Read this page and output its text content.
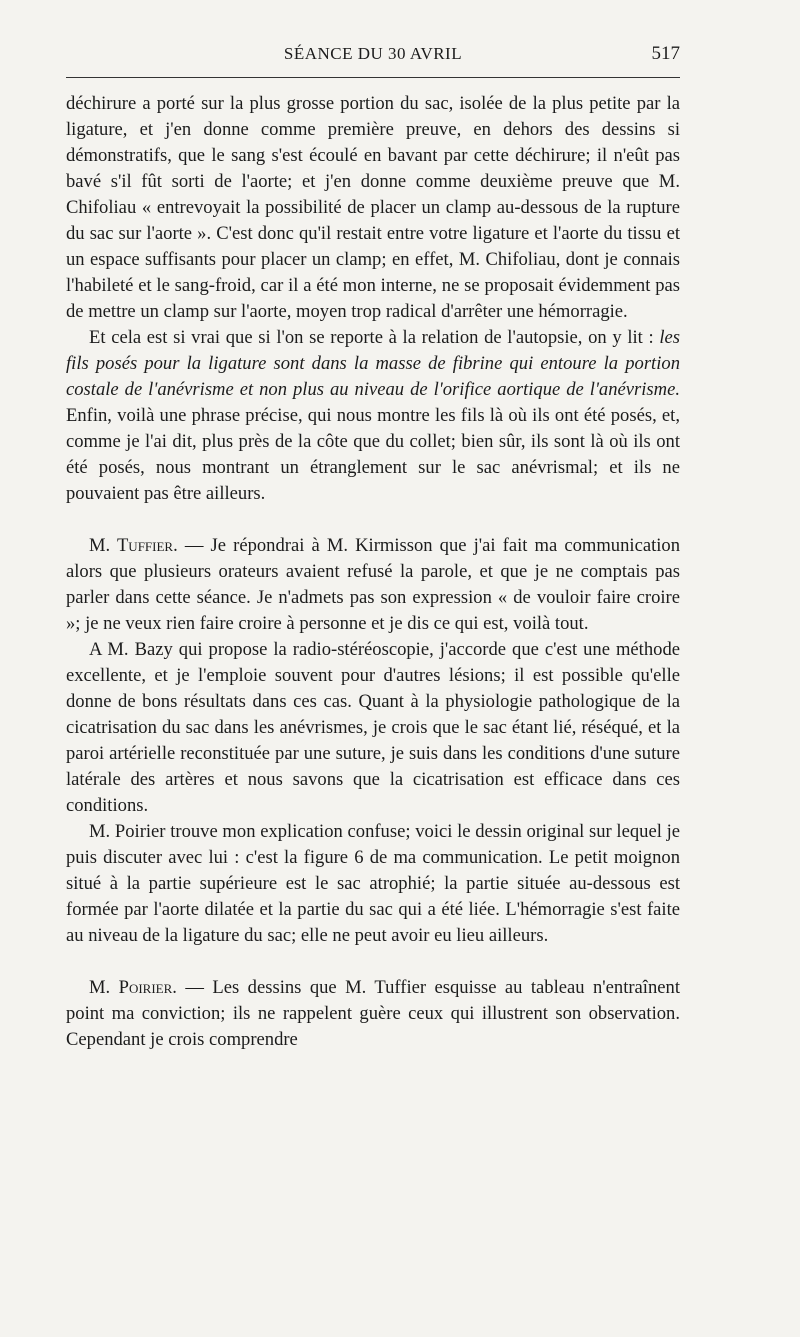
SÉANCE DU 30 AVRIL	517

déchirure a porté sur la plus grosse portion du sac, isolée de la plus petite par la ligature, et j'en donne comme première preuve, en dehors des dessins si démonstratifs, que le sang s'est écoulé en bavant par cette déchirure; il n'eût pas bavé s'il fût sorti de l'aorte; et j'en donne comme deuxième preuve que M. Chifoliau « entrevoyait la possibilité de placer un clamp au-dessous de la rupture du sac sur l'aorte ». C'est donc qu'il restait entre votre ligature et l'aorte du tissu et un espace suffisants pour placer un clamp; en effet, M. Chifoliau, dont je connais l'habileté et le sang-froid, car il a été mon interne, ne se proposait évidemment pas de mettre un clamp sur l'aorte, moyen trop radical d'arrêter une hémorragie.

Et cela est si vrai que si l'on se reporte à la relation de l'autopsie, on y lit : les fils posés pour la ligature sont dans la masse de fibrine qui entoure la portion costale de l'anévrisme et non plus au niveau de l'orifice aortique de l'anévrisme. Enfin, voilà une phrase précise, qui nous montre les fils là où ils ont été posés, et, comme je l'ai dit, plus près de la côte que du collet; bien sûr, ils sont là où ils ont été posés, nous montrant un étranglement sur le sac anévrismal; et ils ne pouvaient pas être ailleurs.

M. Tuffier. — Je répondrai à M. Kirmisson que j'ai fait ma communication alors que plusieurs orateurs avaient refusé la parole, et que je ne comptais pas parler dans cette séance. Je n'admets pas son expression « de vouloir faire croire »; je ne veux rien faire croire à personne et je dis ce qui est, voilà tout.

A M. Bazy qui propose la radio-stéréoscopie, j'accorde que c'est une méthode excellente, et je l'emploie souvent pour d'autres lésions; il est possible qu'elle donne de bons résultats dans ces cas. Quant à la physiologie pathologique de la cicatrisation du sac dans les anévrismes, je crois que le sac étant lié, réséqué, et la paroi artérielle reconstituée par une suture, je suis dans les conditions d'une suture latérale des artères et nous savons que la cicatrisation est efficace dans ces conditions.

M. Poirier trouve mon explication confuse; voici le dessin original sur lequel je puis discuter avec lui : c'est la figure 6 de ma communication. Le petit moignon situé à la partie supérieure est le sac atrophié; la partie située au-dessous est formée par l'aorte dilatée et la partie du sac qui a été liée. L'hémorragie s'est faite au niveau de la ligature du sac; elle ne peut avoir eu lieu ailleurs.

M. Poirier. — Les dessins que M. Tuffier esquisse au tableau n'entraînent point ma conviction; ils ne rappelent guère ceux qui illustrent son observation. Cependant je crois comprendre
